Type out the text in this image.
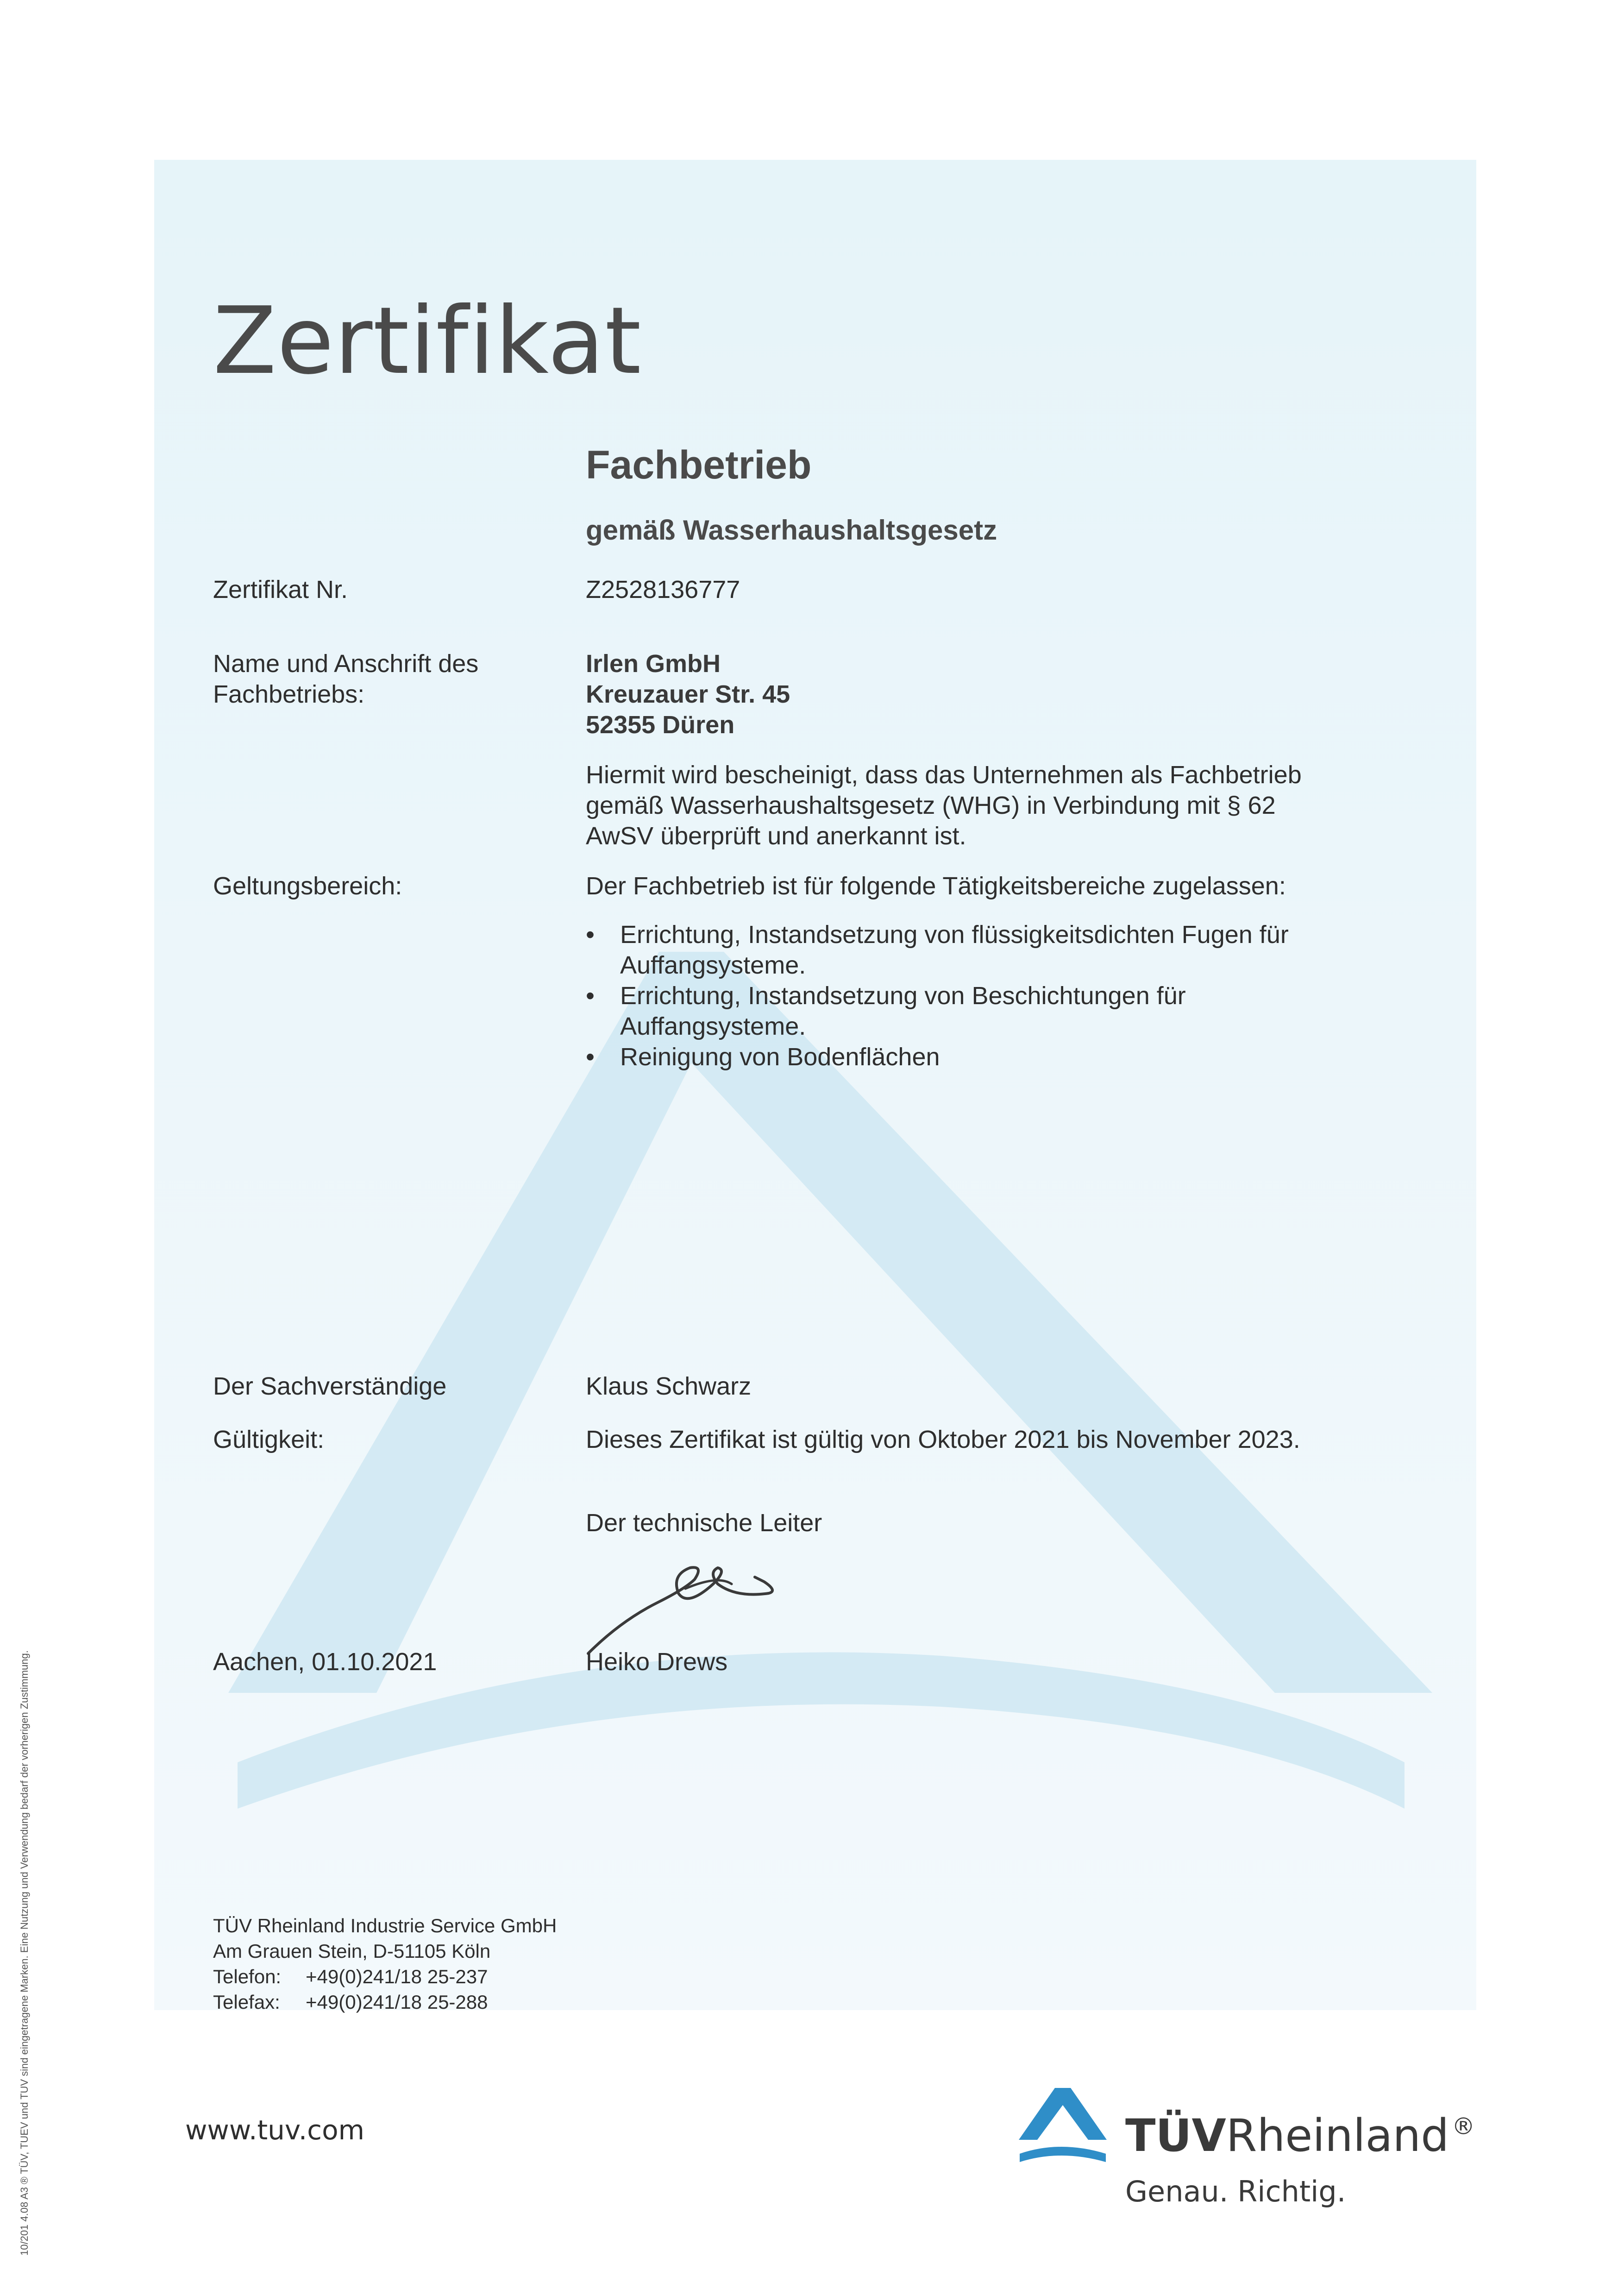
Zertifikat
Fachbetrieb
gemäß Wasserhaushaltsgesetz
Zertifikat Nr.	Z2528136777
Name und Anschrift des
Fachbetriebs:
Irlen GmbH
Kreuzauer Str. 45
52355 Düren
Hiermit wird bescheinigt, dass das Unternehmen als Fachbetrieb
gemäß Wasserhaushaltsgesetz (WHG) in Verbindung mit § 62
AwSV überprüft und anerkannt ist.
Geltungsbereich:	Der Fachbetrieb ist für folgende Tätigkeitsbereiche zugelassen:
• Errichtung, Instandsetzung von flüssigkeitsdichten Fugen für
Auffangsysteme.
• Errichtung, Instandsetzung von Beschichtungen für
Auffangsysteme.
• Reinigung von Bodenflächen
Der Sachverständige	Klaus Schwarz
Gültigkeit:	Dieses Zertifikat ist gültig von Oktober 2021 bis November 2023.
Der technische Leiter
Aachen, 01.10.2021	Heiko Drews
TÜV Rheinland Industrie Service GmbH
Am Grauen Stein, D-51105 Köln
Telefon: +49(0)241/18 25-237
Telefax: +49(0)241/18 25-288
www.tuv.com	TÜVRheinland ®
Genau. Richtig.
10/201 4.08 A3 ® TÜV, TUEV und TUV sind eingetragene Marken. Eine Nutzung und Verwendung bedarf der vorherigen Zustimmung.
